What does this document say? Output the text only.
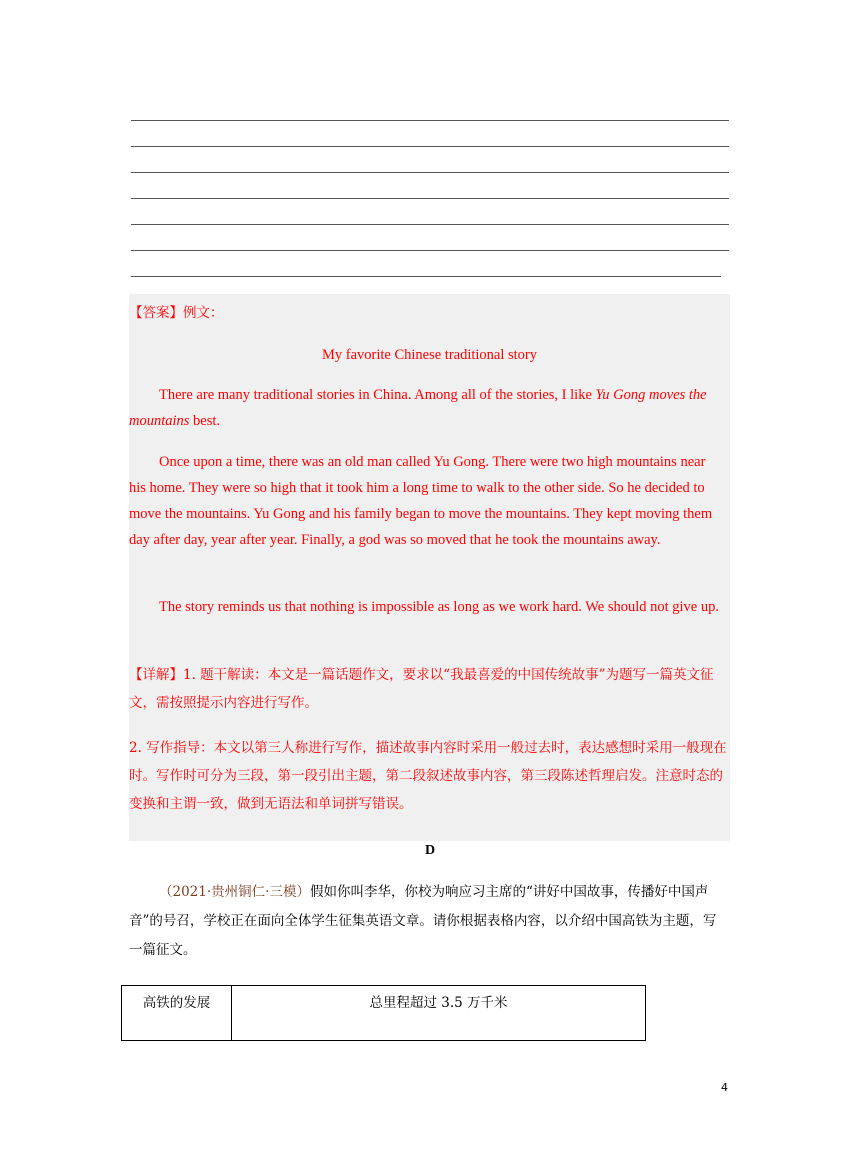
【答案】例文：
My favorite Chinese traditional story
There are many traditional stories in China. Among all of the stories, I like Yu Gong moves the mountains best.
Once upon a time, there was an old man called Yu Gong. There were two high mountains near his home. They were so high that it took him a long time to walk to the other side. So he decided to move the mountains. Yu Gong and his family began to move the mountains. They kept moving them day after day, year after year. Finally, a god was so moved that he took the mountains away.
The story reminds us that nothing is impossible as long as we work hard. We should not give up.
【详解】1. 题干解读：本文是一篇话题作文，要求以“我最喜爱的中国传统故事”为题写一篇英文征文，需按照提示内容进行写作。
2. 写作指导：本文以第三人称进行写作，描述故事内容时采用一般过去时，表达感想时采用一般现在时。写作时可分为三段，第一段引出主题，第二段叙述故事内容，第三段陈述哲理启发。注意时态的变换和主谓一致，做到无语法和单词拼写错误。
D
（2021·贵州铜仁·三模）假如你叫李华，你校为响应习主席的“讲好中国故事，传播好中国声音”的号召，学校正在面向全体学生征集英语文章。请你根据表格内容，以介绍中国高铁为主题，写一篇征文。
高铁的发展	总里程超过 3.5 万千米
4
